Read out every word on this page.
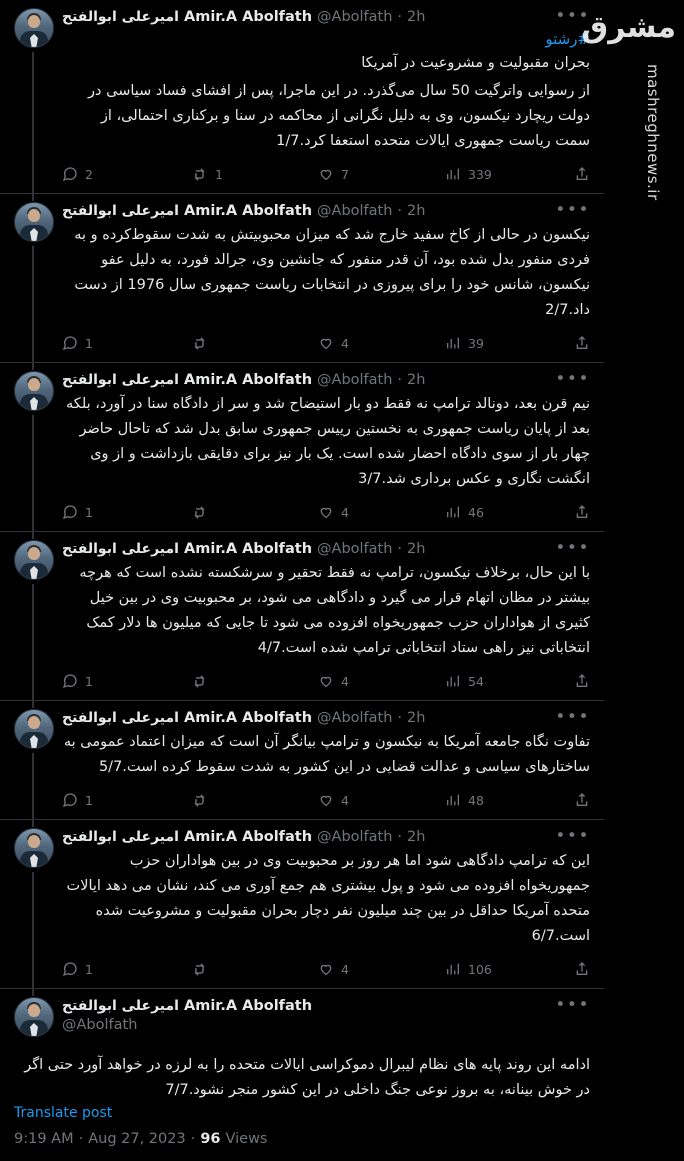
مشرق
mashreghnews.ir
امیرعلی ابوالفتح Amir.A Abolfath @Abolfath · 2h	•••
#رشتو
بحران مقبولیت و مشروعیت در آمریکا
از رسوایی واترگیت 50 سال می‌گذرد. در این ماجرا، پس از افشای فساد سیاسی در دولت ریچارد نیکسون، وی به دلیل نگرانی از محاکمه در سنا و برکناری احتمالی، از سمت ریاست جمهوری ایالات متحده استعفا کرد.1/7
2	1	7	339
امیرعلی ابوالفتح Amir.A Abolfath @Abolfath · 2h	•••
نیکسون در حالی از کاخ سفید خارج شد که میزان محبوبیتش به شدت سقوط‌کرده و به فردی منفور بدل شده بود، آن قدر منفور که جانشین وی، جرالد فورد، به دلیل عفو نیکسون، شانس خود را برای پیروزی در انتخابات ریاست جمهوری سال 1976 از دست داد.2/7
1	4	39
امیرعلی ابوالفتح Amir.A Abolfath @Abolfath · 2h	•••
نیم قرن بعد، دونالد ترامپ نه فقط دو بار استیضاح شد و سر از دادگاه سنا در آورد، بلکه بعد از پایان ریاست جمهوری به نخستین رییس جمهوری سابق بدل شد که تاحال حاضر چهار بار از سوی دادگاه احضار شده است. یک بار نیز برای دقایقی بازداشت و از وی انگشت نگاری و عکس برداری شد.3/7
1	4	46
امیرعلی ابوالفتح Amir.A Abolfath @Abolfath · 2h	•••
با این حال، برخلاف نیکسون، ترامپ نه فقط تحقیر و سرشکسته نشده است که هرچه بیشتر در مظان اتهام قرار می گیرد و دادگاهی می شود، بر محبوبیت وی در بین خیل کثیری از هواداران حزب جمهوریخواه افزوده می شود تا جایی که میلیون ها دلار کمک انتخاباتی نیز راهی ستاد انتخاباتی ترامپ شده است.4/7
1	4	54
امیرعلی ابوالفتح Amir.A Abolfath @Abolfath · 2h	•••
تفاوت نگاه جامعه آمریکا به نیکسون و ترامپ بیانگر آن است که میزان اعتماد عمومی به ساختارهای سیاسی و عدالت قضایی در این کشور به شدت سقوط کرده است.5/7
1	4	48
امیرعلی ابوالفتح Amir.A Abolfath @Abolfath · 2h	•••
این که ترامپ دادگاهی شود اما هر روز بر محبوبیت وی در بین هواداران حزب جمهوریخواه افزوده می شود و پول بیشتری هم جمع آوری می کند، نشان می دهد ایالات متحده آمریکا حداقل در بین چند میلیون نفر دچار بحران مقبولیت و مشروعیت شده است.6/7
1	4	106
امیرعلی ابوالفتح Amir.A Abolfath	•••
@Abolfath
ادامه این روند پایه های نظام لیبرال دموکراسی ایالات متحده را به لرزه در خواهد آورد حتی اگر در خوش بینانه، به بروز نوعی جنگ داخلی در این کشور منجر نشود.7/7
Translate post
9:19 AM · Aug 27, 2023 · 96 Views
